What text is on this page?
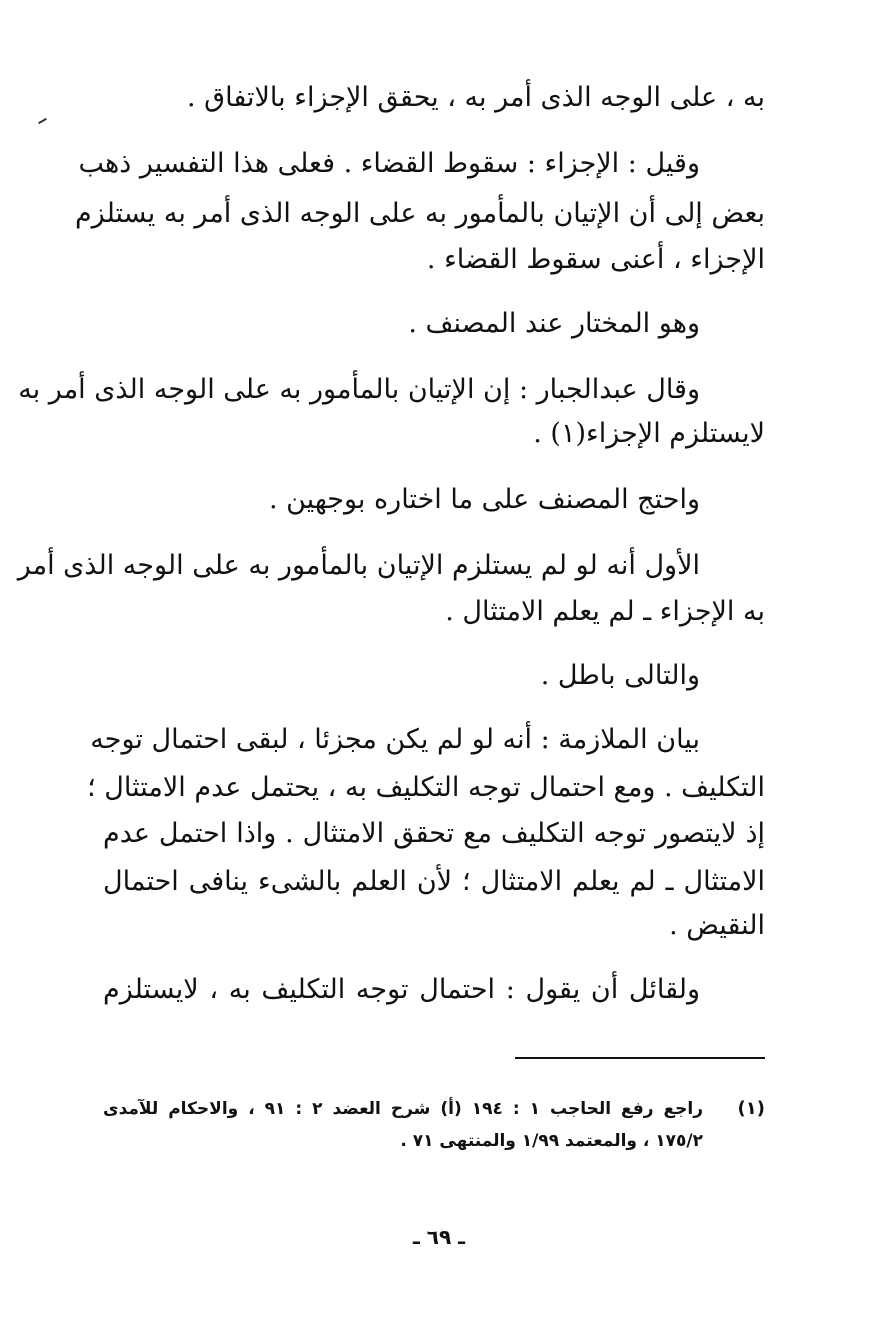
به ، على الوجه الذى أمر به ، يحقق الإجزاء بالاتفاق .
وقيل : الإجزاء : سقوط القضاء . فعلى هذا التفسير ذهب
بعض إلى أن الإتيان بالمأمور به على الوجه الذى أمر به يستلزم
الإجزاء ، أعنى سقوط القضاء .
وهو المختار عند المصنف .
وقال عبدالجبار : إن الإتيان بالمأمور به على الوجه الذى أمر به
لايستلزم الإجزاء(١) .
واحتج المصنف على ما اختاره بوجهين .
الأول أنه لو لم يستلزم الإتيان بالمأمور به على الوجه الذى أمر
به الإجزاء ـ لم يعلم الامتثال .
والتالى باطل .
بيان الملازمة : أنه لو لم يكن مجزئا ، لبقى احتمال توجه
التكليف . ومع احتمال توجه التكليف به ، يحتمل عدم الامتثال ؛
إذ لايتصور توجه التكليف مع تحقق الامتثال . واذا احتمل عدم
الامتثال ـ لم يعلم الامتثال ؛ لأن العلم بالشىء ينافى احتمال
النقيض .
ولقائل أن يقول : احتمال توجه التكليف به ، لايستلزم
(١)
راجع رفع الحاجب ١ : ١٩٤ (أ) شرح العضد ٢ : ٩١ ، والاحكام للآمدى
١٧٥/٢ ، والمعتمد ١/٩٩ والمنتهى ٧١ .
ـ ٦٩ ـ
